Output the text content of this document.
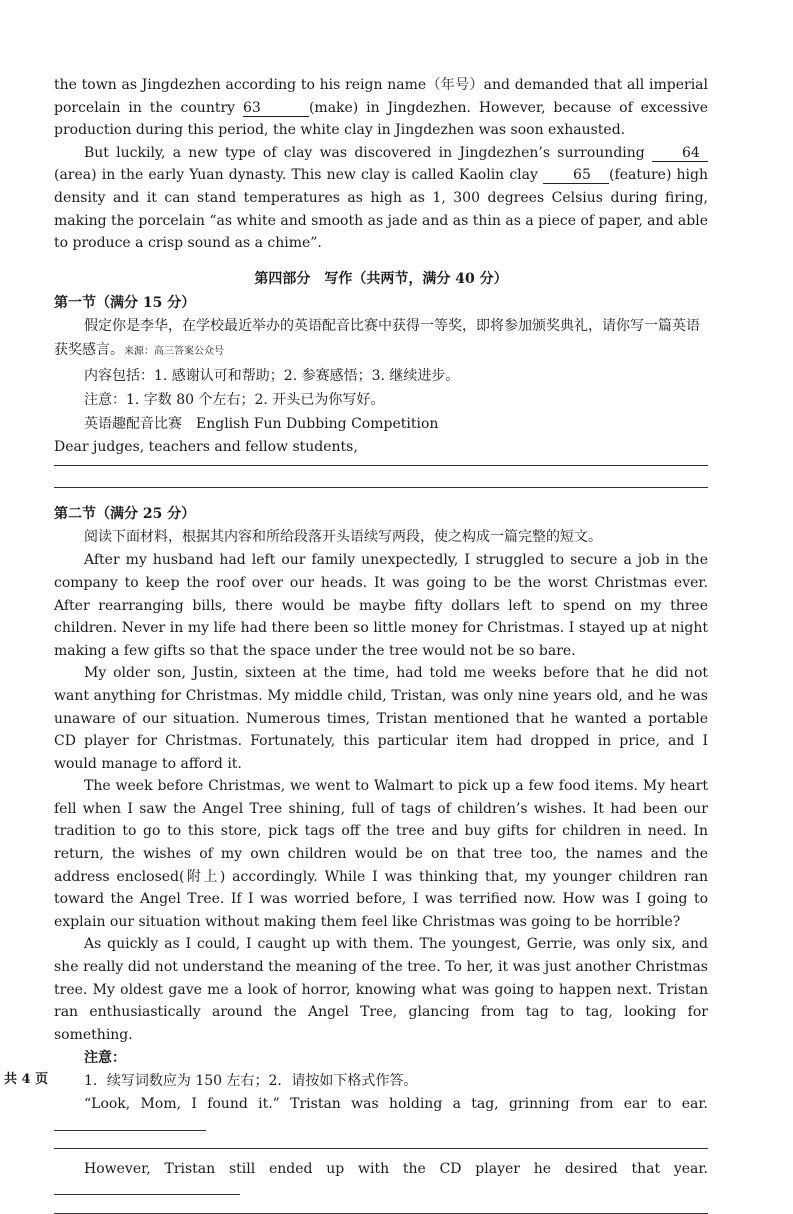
the town as Jingdezhen according to his reign name（年号）and demanded that all imperial porcelain in the country 63	(make) in Jingdezhen. However, because of excessive production during this period, the white clay in Jingdezhen was soon exhausted.

But luckily, a new type of clay was discovered in Jingdezhen’s surrounding	64(area) in the early Yuan dynasty. This new clay is called Kaolin clay	65 (feature) high density and it can stand temperatures as high as 1, 300 degrees Celsius during firing, making the porcelain “as white and smooth as jade and as thin as a piece of paper, and able to produce a crisp sound as a chime”.

第四部分　写作（共两节，满分 40 分）
第一节（满分 15 分）

假定你是李华，在学校最近举办的英语配音比赛中获得一等奖，即将参加颁奖典礼，请你写一篇英语获奖感言。来源：高三答案公众号

内容包括：1. 感谢认可和帮助；2. 参赛感悟；3. 继续进步。

注意：1. 字数 80 个左右；2. 开头已为你写好。

英语趣配音比赛　English Fun Dubbing Competition

Dear judges, teachers and fellow students,

第二节（满分 25 分）

阅读下面材料，根据其内容和所给段落开头语续写两段，使之构成一篇完整的短文。

After my husband had left our family unexpectedly, I struggled to secure a job in the company to keep the roof over our heads. It was going to be the worst Christmas ever. After rearranging bills, there would be maybe fifty dollars left to spend on my three children. Never in my life had there been so little money for Christmas. I stayed up at night making a few gifts so that the space under the tree would not be so bare.

My older son, Justin, sixteen at the time, had told me weeks before that he did not want anything for Christmas. My middle child, Tristan, was only nine years old, and he was unaware of our situation. Numerous times, Tristan mentioned that he wanted a portable CD player for Christmas. Fortunately, this particular item had dropped in price, and I would manage to afford it.

The week before Christmas, we went to Walmart to pick up a few food items. My heart fell when I saw the Angel Tree shining, full of tags of children’s wishes. It had been our tradition to go to this store, pick tags off the tree and buy gifts for children in need. In return, the wishes of my own children would be on that tree too, the names and the address enclosed(附上) accordingly. While I was thinking that, my younger children ran toward the Angel Tree. If I was worried before, I was terrified now. How was I going to explain our situation without making them feel like Christmas was going to be horrible?

As quickly as I could, I caught up with them. The youngest, Gerrie, was only six, and she really did not understand the meaning of the tree. To her, it was just another Christmas tree. My oldest gave me a look of horror, knowing what was going to happen next. Tristan ran enthusiastically around the Angel Tree, glancing from tag to tag, looking for something.

注意：

1．续写词数应为 150 左右；2．请按如下格式作答。

“Look, Mom, I found it.” Tristan was holding a tag, grinning from ear to ear.

However, Tristan still ended up with the CD player he desired that year.

共 4 页
